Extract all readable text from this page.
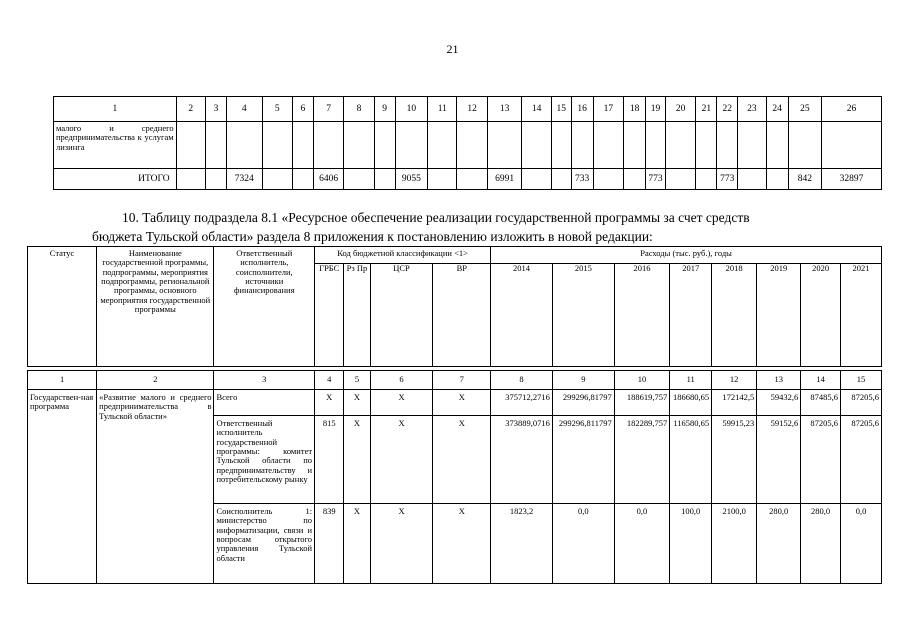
21
1	2	3	4	5	6	7	8	9	10	11	12	13	14	15	16	17	18	19	20	21	22	23	24	25	26

малого и среднего предпринимательства к услугам лизинга																									

ИТОГО			7324			6406			9055			6991			733			773			773			842	32897
10. Таблицу подраздела 8.1 «Ресурсное обеспечение реализации государственной программы за счет средств
бюджета Тульской области» раздела 8 приложения к постановлению изложить в новой редакции:
Статус	Наименование государственной программы, подпрограммы, мероприятия подпрограммы, региональной программы, основного мероприятия государственной программы	Ответственный исполнитель, соисполнители, источники финансирования	Код бюджетной классификации <1>				Расходы (тыс. руб.), годы							
			ГРБС	Рз Пр	ЦСР	ВР	2014	2015	2016	2017	2018	2019	2020	2021

1	2	3	4	5	6	7	8	9	10	11	12	13	14	15
Государствен-ная программа	«Развитие малого и среднего предпринимательства в Тульской области»	Всего	X	X	X	X	375712,2716	299296,81797	188619,757	186680,65	172142,5	59432,6	87485,6	87205,6
		Ответственный исполнитель государственной программы: комитет Тульской области по предпринимательству и потребительскому рынку	815	X	X	X	373889,0716	299296,811797	182289,757	116580,65	59915,23	59152,6	87205,6	87205,6
		Соисполнитель 1: министерство по информатизации, связи и вопросам открытого управления Тульской области	839	X	X	X	1823,2	0,0	0,0	100,0	2100,0	280,0	280,0	0,0
